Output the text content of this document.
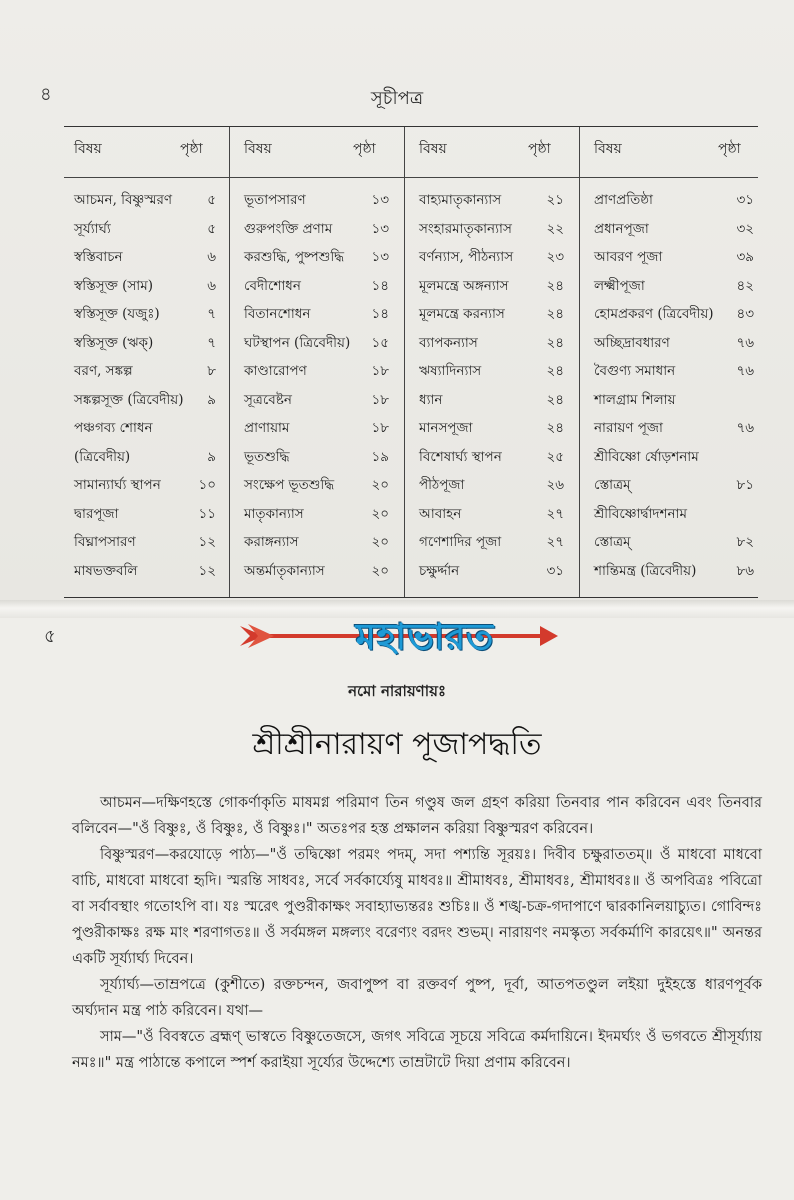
৪	সূচীপত্র
বিষয়	পৃষ্ঠা	বিষয়	পৃষ্ঠা	বিষয়	পৃষ্ঠা	বিষয়	পৃষ্ঠা
আচমন, বিষ্ণুস্মরণ	৫
সূর্য্যার্ঘ্য	৫
স্বস্তিবাচন	৬
স্বস্তিসূক্ত (সাম)	৬
স্বস্তিসূক্ত (যজুঃ)	৭
স্বস্তিসূক্ত (ঋক্)	৭
বরণ, সঙ্কল্প	৮
সঙ্কল্পসূক্ত (ত্রিবেদীয়)	৯
পঞ্চগব্য শোধন
(ত্রিবেদীয়)	৯
সামান্যার্ঘ্য স্থাপন	১০
দ্বারপূজা	১১
বিঘ্নাপসারণ	১২
মাষভক্তবলি	১২
ভূতাপসারণ	১৩
গুরুপংক্তি প্রণাম	১৩
করশুদ্ধি, পুষ্পশুদ্ধি	১৩
বেদীশোধন	১৪
বিতানশোধন	১৪
ঘটস্থাপন (ত্রিবেদীয়)	১৫
কাণ্ডারোপণ	১৮
সূত্রবেষ্টন	১৮
প্রাণায়াম	১৮
ভূতশুদ্ধি	১৯
সংক্ষেপ ভূতশুদ্ধি	২০
মাতৃকান্যাস	২০
করাঙ্গন্যাস	২০
অন্তর্মাতৃকান্যাস	২০
বাহ্যমাতৃকান্যাস	২১
সংহারমাতৃকান্যাস	২২
বর্ণন্যাস, পীঠন্যাস	২৩
মূলমন্ত্রে অঙ্গন্যাস	২৪
মূলমন্ত্রে করন্যাস	২৪
ব্যাপকন্যাস	২৪
ঋষ্যাদিন্যাস	২৪
ধ্যান	২৪
মানসপূজা	২৪
বিশেষার্ঘ্য স্থাপন	২৫
পীঠপূজা	২৬
আবাহন	২৭
গণেশাদির পূজা	২৭
চক্ষুর্দ্দান	৩১
প্রাণপ্রতিষ্ঠা	৩১
প্রধানপূজা	৩২
আবরণ পূজা	৩৯
লক্ষ্মীপূজা	৪২
হোমপ্রকরণ (ত্রিবেদীয়)	৪৩
অচ্ছিদ্রাবধারণ	৭৬
বৈগুণ্য সমাধান	৭৬
শালগ্রাম শিলায়
নারায়ণ পূজা	৭৬
শ্রীবিষ্ণো র্ষোড়শনাম
স্তোত্রম্	৮১
শ্রীবিষ্ণোর্দ্বাদশনাম
স্তোত্রম্	৮২
শান্তিমন্ত্র (ত্রিবেদীয়)	৮৬
৫	মহাভারত
নমো নারায়ণায়ঃ
শ্রীশ্রীনারায়ণ পূজাপদ্ধতি

আচমন—দক্ষিণহস্তে গোকর্ণাকৃতি মাষমগ্ন পরিমাণ তিন গণ্ডুষ জল গ্রহণ করিয়া তিনবার পান করিবেন এবং তিনবার বলিবেন—"ওঁ বিষ্ণুঃ, ওঁ বিষ্ণুঃ, ওঁ বিষ্ণুঃ।" অতঃপর হস্ত প্রক্ষালন করিয়া বিষ্ণুস্মরণ করিবেন।

বিষ্ণুস্মরণ—করযোড়ে পাঠ্য—"ওঁ তদ্বিষ্ণো পরমং পদম্, সদা পশ্যন্তি সূরয়ঃ। দিবীব চক্ষুরাততম্॥ ওঁ মাধবো মাধবো বাচি, মাধবো মাধবো হৃদি। স্মরন্তি সাধবঃ, সর্বে সর্বকার্য্যেষু মাধবঃ॥ শ্রীমাধবঃ, শ্রীমাধবঃ, শ্রীমাধবঃ॥ ওঁ অপবিত্রঃ পবিত্রো বা সর্বাবস্থাং গতোঽপি বা। যঃ স্মরেৎ পুণ্ডরীকাক্ষং সবাহ্যাভ্যন্তরঃ শুচিঃ॥ ওঁ শঙ্খ-চক্র-গদাপাণে দ্বারকানিলয়াচ্যুত। গোবিন্দঃ পুণ্ডরীকাক্ষঃ রক্ষ মাং শরণাগতঃ॥ ওঁ সর্বমঙ্গল মঙ্গল্যং বরেণ্যং বরদং শুভম্। নারায়ণং নমস্কৃত্য সর্বকর্মাণি কারয়েৎ॥" অনন্তর একটি সূর্য্যার্ঘ্য দিবেন।

সূর্য্যার্ঘ্য—তাম্রপত্রে (কুশীতে) রক্তচন্দন, জবাপুষ্প বা রক্তবর্ণ পুষ্প, দূর্বা, আতপতণ্ডুল লইয়া দুইহস্তে ধারণপূর্বক অর্ঘ্যদান মন্ত্র পাঠ করিবেন। যথা—

সাম—"ওঁ বিবস্বতে ব্রহ্মণ্ ভাস্বতে বিষ্ণুতেজসে, জগৎ সবিত্রে সূচয়ে সবিত্রে কর্মদায়িনে। ইদমর্ঘ্যং ওঁ ভগবতে শ্রীসূর্য্যায় নমঃ॥" মন্ত্র পাঠান্তে কপালে স্পর্শ করাইয়া সূর্য্যের উদ্দেশ্যে তাম্রটাটে দিয়া প্রণাম করিবেন।
